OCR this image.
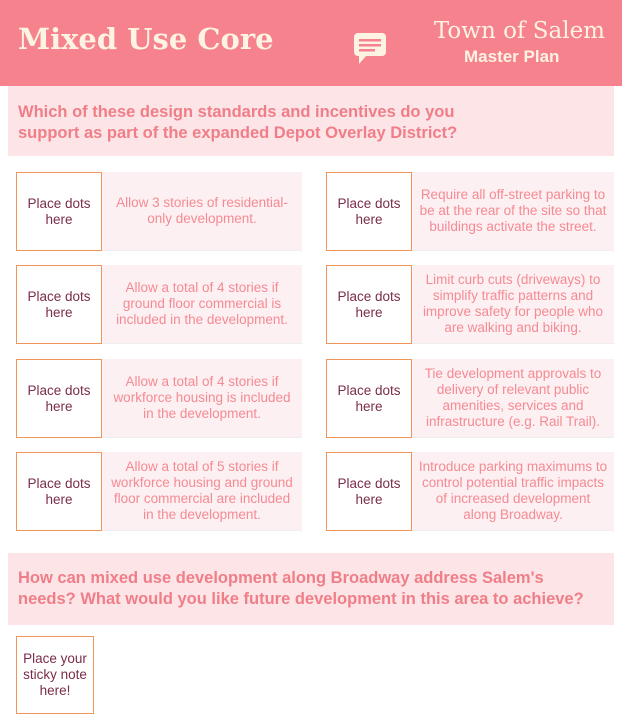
Mixed Use Core	Town of Salem
Master Plan
Which of these design standards and incentives do you support as part of the expanded Depot Overlay District?
Place dots here
Allow 3 stories of residential-only development.
Place dots here
Allow a total of 4 stories if ground floor commercial is included in the development.
Place dots here
Allow a total of 4 stories if workforce housing is included in the development.
Place dots here
Allow a total of 5 stories if workforce housing and ground floor commercial are included in the development.
Place dots here
Require all off-street parking to be at the rear of the site so that buildings activate the street.
Place dots here
Limit curb cuts (driveways) to simplify traffic patterns and improve safety for people who are walking and biking.
Place dots here
Tie development approvals to delivery of relevant public amenities, services and infrastructure (e.g. Rail Trail).
Place dots here
Introduce parking maximums to control potential traffic impacts of increased development along Broadway.
How can mixed use development along Broadway address Salem's needs? What would you like future development in this area to achieve?
Place your sticky note here!
